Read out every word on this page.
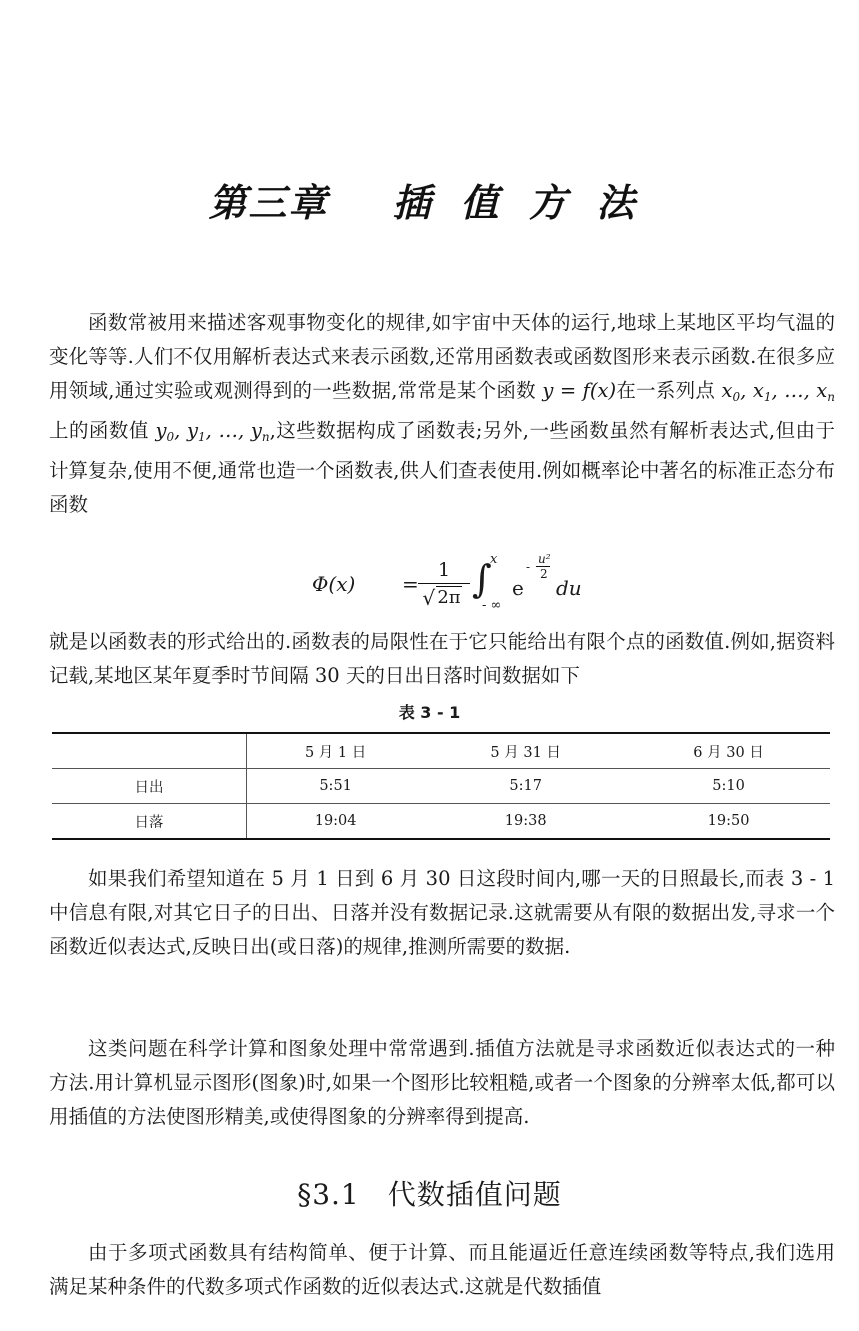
第三章 插 值 方 法

函数常被用来描述客观事物变化的规律,如宇宙中天体的运行,地球上某地区平均气温的变化等等.人们不仅用解析表达式来表示函数,还常用函数表或函数图形来表示函数.在很多应用领域,通过实验或观测得到的一些数据,常常是某个函数 y = f(x)在一系列点 $x_0$, $x_1$, …, $x_n$ 上的函数值 $y_0$, $y_1$, …, $y_n$,这些数据构成了函数表;另外,一些函数虽然有解析表达式,但由于计算复杂,使用不便,通常也造一个函数表,供人们查表使用.例如概率论中著名的标准正态分布函数

Φ(x) =
1
√ 2π ∫
x
- ∞
e
-
u²
2
du

就是以函数表的形式给出的.函数表的局限性在于它只能给出有限个点的函数值.例如,据资料记载,某地区某年夏季时节间隔 30 天的日出日落时间数据如下

表 3 - 1
	5 月 1 日	5 月 31 日	6 月 30 日
日出	5:51	5:17	5:10
日落	19:04	19:38	19:50

如果我们希望知道在 5 月 1 日到 6 月 30 日这段时间内,哪一天的日照最长,而表 3 - 1 中信息有限,对其它日子的日出、日落并没有数据记录.这就需要从有限的数据出发,寻求一个函数近似表达式,反映日出(或日落)的规律,推测所需要的数据.

这类问题在科学计算和图象处理中常常遇到.插值方法就是寻求函数近似表达式的一种方法.用计算机显示图形(图象)时,如果一个图形比较粗糙,或者一个图象的分辨率太低,都可以用插值的方法使图形精美,或使得图象的分辨率得到提高.

§3.1 代数插值问题

由于多项式函数具有结构简单、便于计算、而且能逼近任意连续函数等特点,我们选用满足某种条件的代数多项式作函数的近似表达式.这就是代数插值
